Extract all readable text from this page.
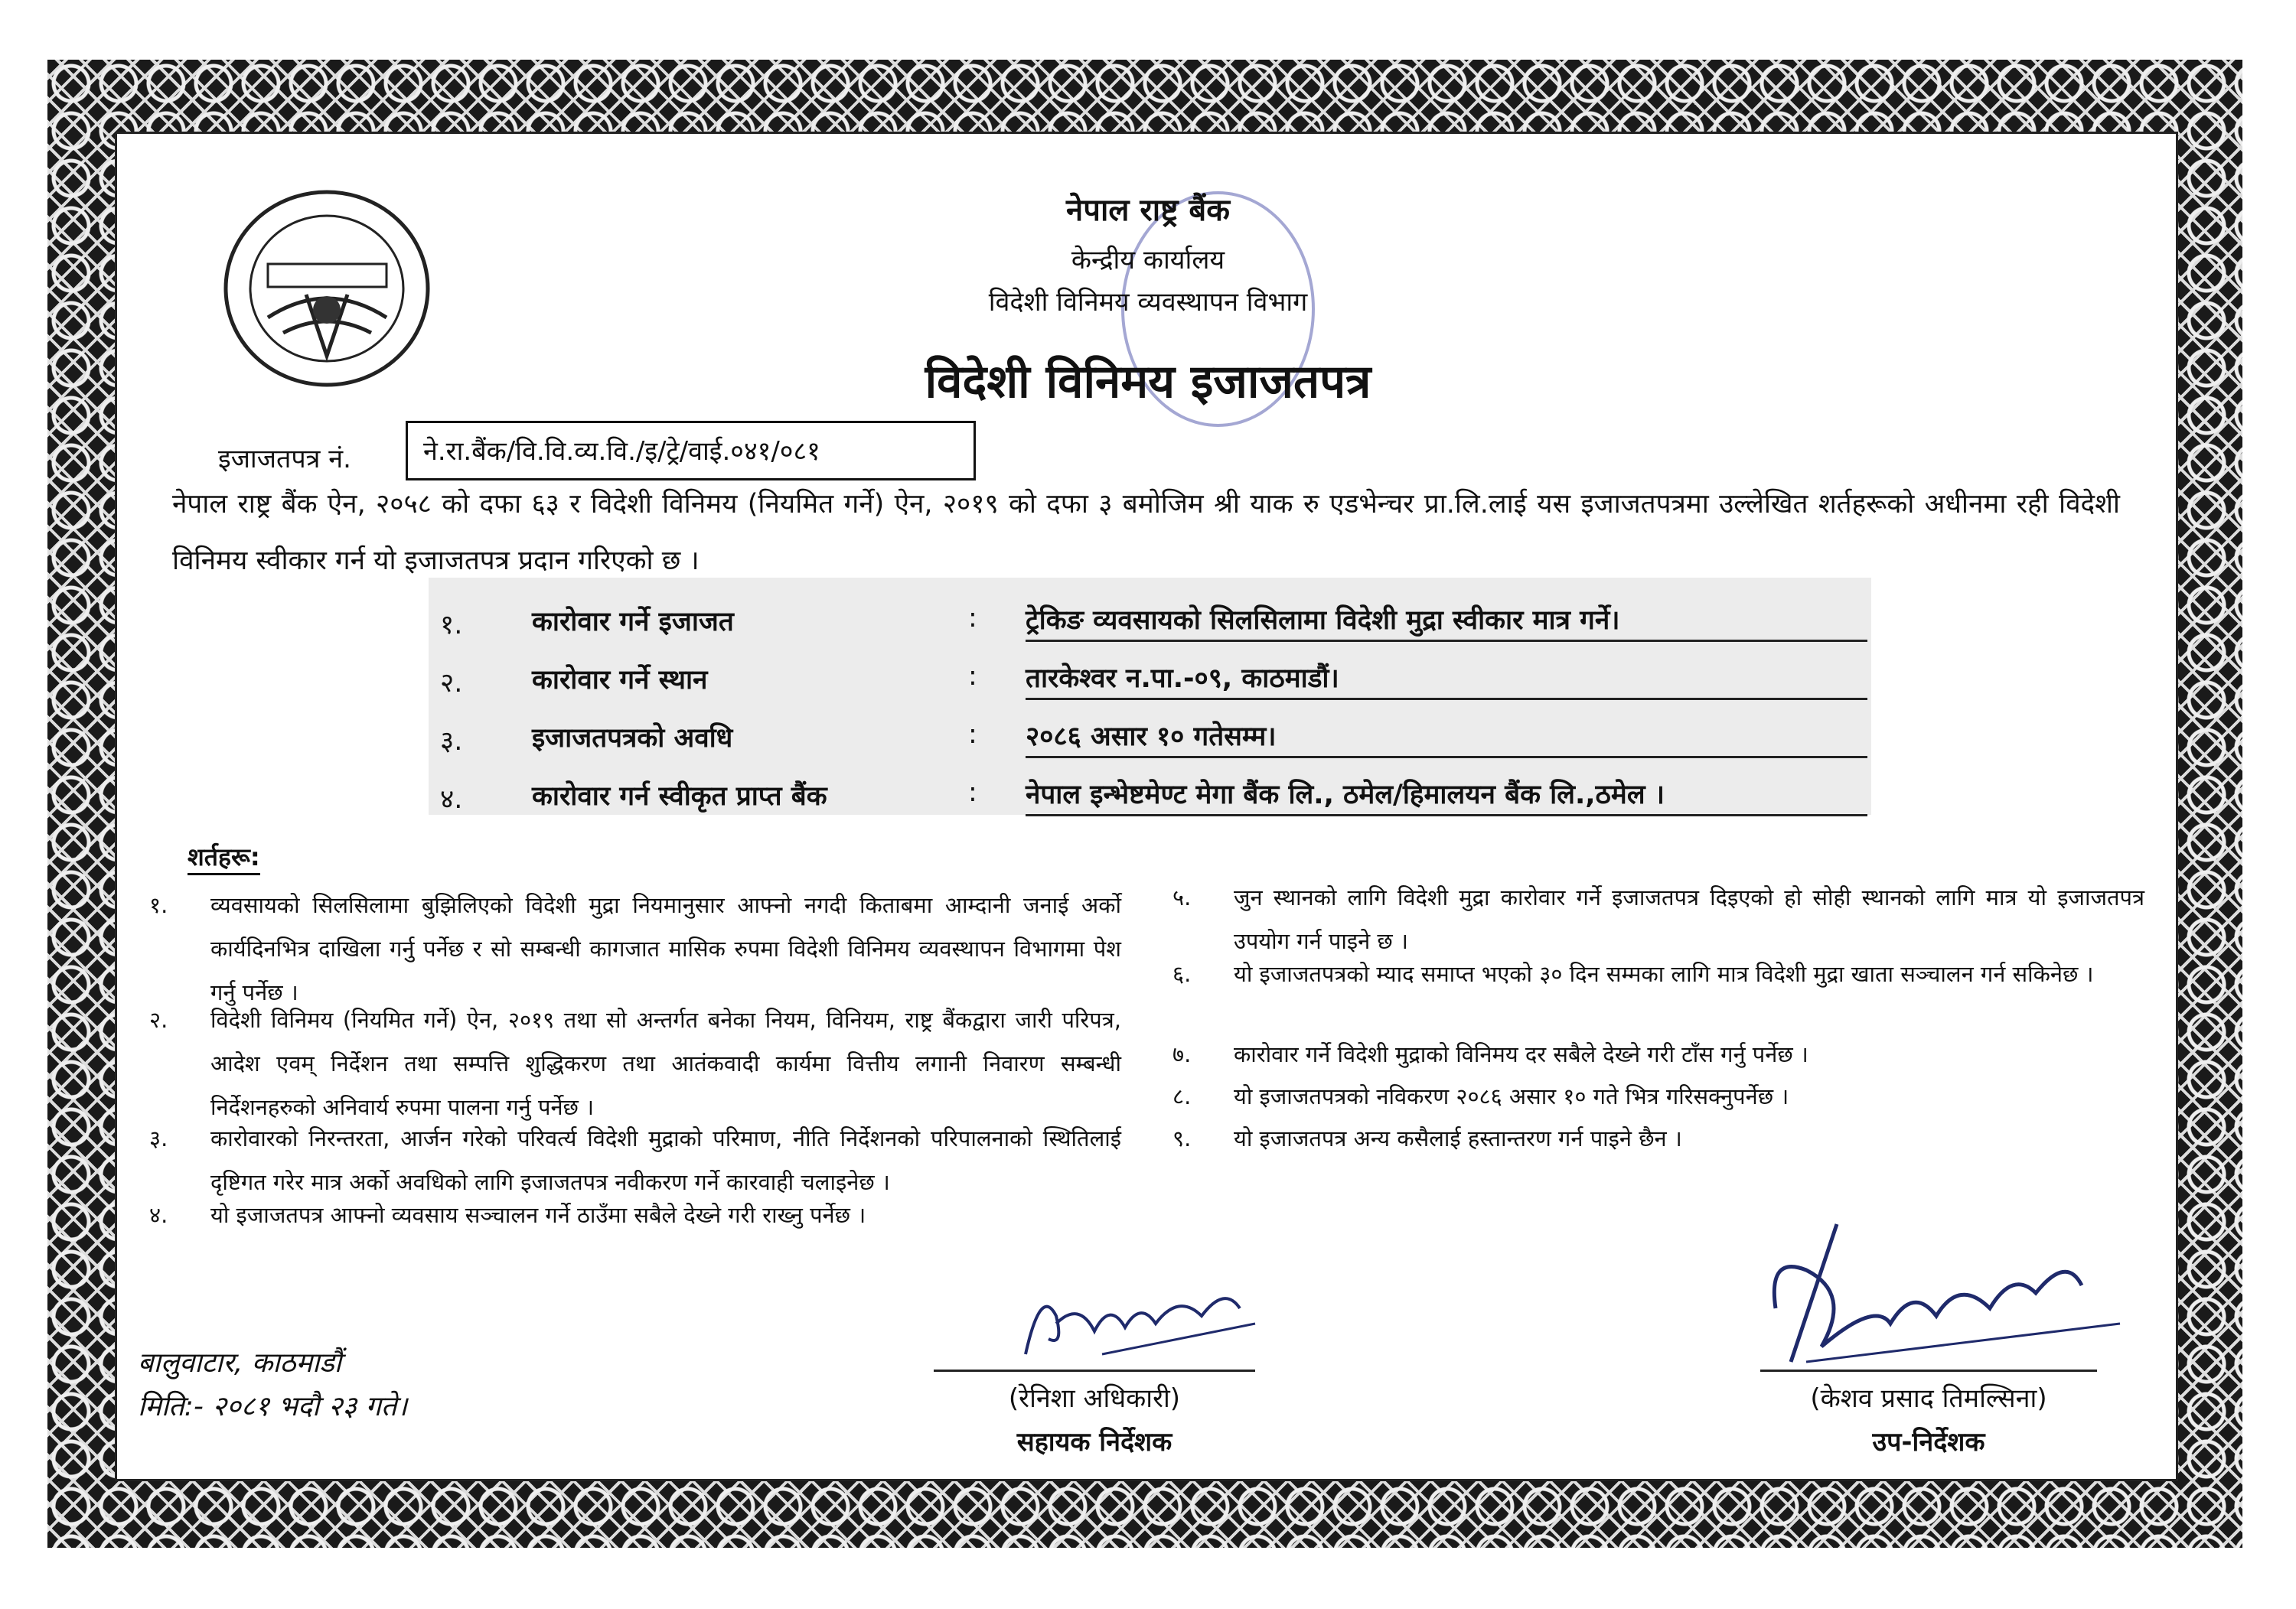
नेपाल राष्ट्र बैंक
केन्द्रीय कार्यालय
विदेशी विनिमय व्यवस्थापन विभाग
विदेशी विनिमय इजाजतपत्र
इजाजतपत्र नं.	ने.रा.बैंक/वि.वि.व्य.वि./इ/ट्रे/वाई.०४१/०८१
नेपाल राष्ट्र बैंक ऐन, २०५८ को दफा ६३ र विदेशी विनिमय (नियमित गर्ने) ऐन, २०१९ को दफा ३ बमोजिम श्री याक रु एडभेन्चर प्रा.लि.लाई यस इजाजतपत्रमा उल्लेखित शर्तहरूको अधीनमा रही विदेशी विनिमय स्वीकार गर्न यो इजाजतपत्र प्रदान गरिएको छ ।
१.	कारोवार गर्ने इजाजत	: ट्रेकिङ व्यवसायको सिलसिलामा विदेशी मुद्रा स्वीकार मात्र गर्ने।
२.	कारोवार गर्ने स्थान	: तारकेश्वर न.पा.-०९, काठमाडौं।
३.	इजाजतपत्रको अवधि	: २०८६ असार १० गतेसम्म।
४.	कारोवार गर्न स्वीकृत प्राप्त बैंक	: नेपाल इन्भेष्टमेण्ट मेगा बैंक लि., ठमेल/हिमालयन बैंक लि.,ठमेल ।
शर्तहरू:
१. व्यवसायको सिलसिलामा बुझिलिएको विदेशी मुद्रा नियमानुसार आफ्नो नगदी किताबमा आम्दानी जनाई अर्को कार्यदिनभित्र दाखिला गर्नु पर्नेछ र सो सम्बन्धी कागजात मासिक रुपमा विदेशी विनिमय व्यवस्थापन विभागमा पेश गर्नु पर्नेछ ।
२. विदेशी विनिमय (नियमित गर्ने) ऐन, २०१९ तथा सो अन्तर्गत बनेका नियम, विनियम, राष्ट्र बैंकद्वारा जारी परिपत्र, आदेश एवम् निर्देशन तथा सम्पत्ति शुद्धिकरण तथा आतंकवादी कार्यमा वित्तीय लगानी निवारण सम्बन्धी निर्देशनहरुको अनिवार्य रुपमा पालना गर्नु पर्नेछ ।
३. कारोवारको निरन्तरता, आर्जन गरेको परिवर्त्य विदेशी मुद्राको परिमाण, नीति निर्देशनको परिपालनाको स्थितिलाई दृष्टिगत गरेर मात्र अर्को अवधिको लागि इजाजतपत्र नवीकरण गर्ने कारवाही चलाइनेछ ।
४. यो इजाजतपत्र आफ्नो व्यवसाय सञ्चालन गर्ने ठाउँमा सबैले देख्ने गरी राख्नु पर्नेछ ।
५. जुन स्थानको लागि विदेशी मुद्रा कारोवार गर्ने इजाजतपत्र दिइएको हो सोही स्थानको लागि मात्र यो इजाजतपत्र उपयोग गर्न पाइने छ ।
६. यो इजाजतपत्रको म्याद समाप्त भएको ३० दिन सम्मका लागि मात्र विदेशी मुद्रा खाता सञ्चालन गर्न सकिनेछ ।
७. कारोवार गर्ने विदेशी मुद्राको विनिमय दर सबैले देख्ने गरी टाँस गर्नु पर्नेछ ।
८. यो इजाजतपत्रको नविकरण २०८६ असार १० गते भित्र गरिसक्नुपर्नेछ ।
९. यो इजाजतपत्र अन्य कसैलाई हस्तान्तरण गर्न पाइने छैन ।
बालुवाटार, काठमाडौं
मिति:- २०८१ भदौ २३ गते।	(रेनिशा अधिकारी)
सहायक निर्देशक
(केशव प्रसाद तिमल्सिना)
उप-निर्देशक
